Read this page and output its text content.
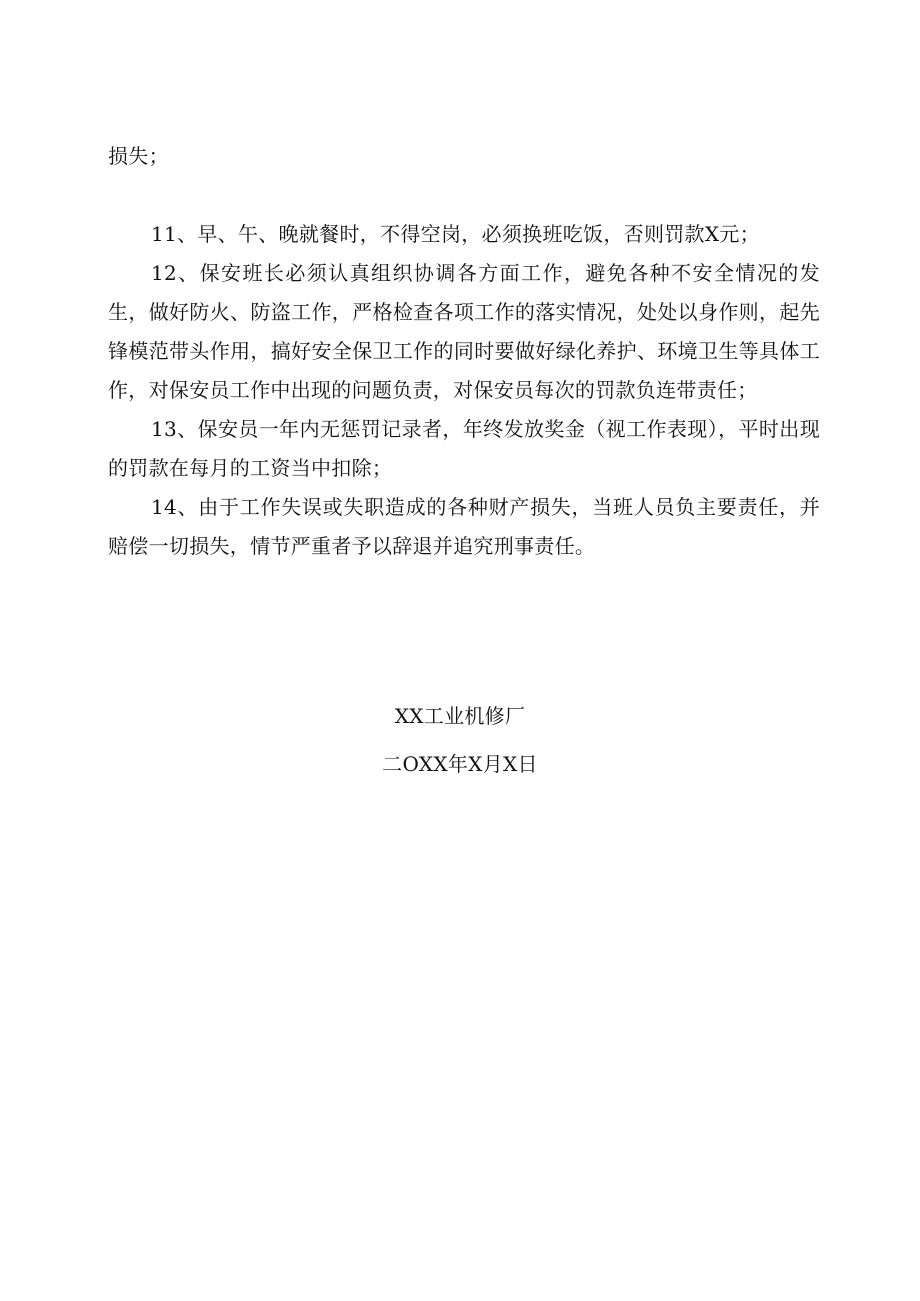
损失；

11、早、午、晚就餐时，不得空岗，必须换班吃饭，否则罚款X元；

12、保安班长必须认真组织协调各方面工作，避免各种不安全情况的发生，做好防火、防盗工作，严格检查各项工作的落实情况，处处以身作则，起先锋模范带头作用，搞好安全保卫工作的同时要做好绿化养护、环境卫生等具体工作，对保安员工作中出现的问题负责，对保安员每次的罚款负连带责任；

13、保安员一年内无惩罚记录者，年终发放奖金（视工作表现），平时出现的罚款在每月的工资当中扣除；

14、由于工作失误或失职造成的各种财产损失，当班人员负主要责任，并赔偿一切损失，情节严重者予以辞退并追究刑事责任。

XX工业机修厂
二OXX年X月X日
